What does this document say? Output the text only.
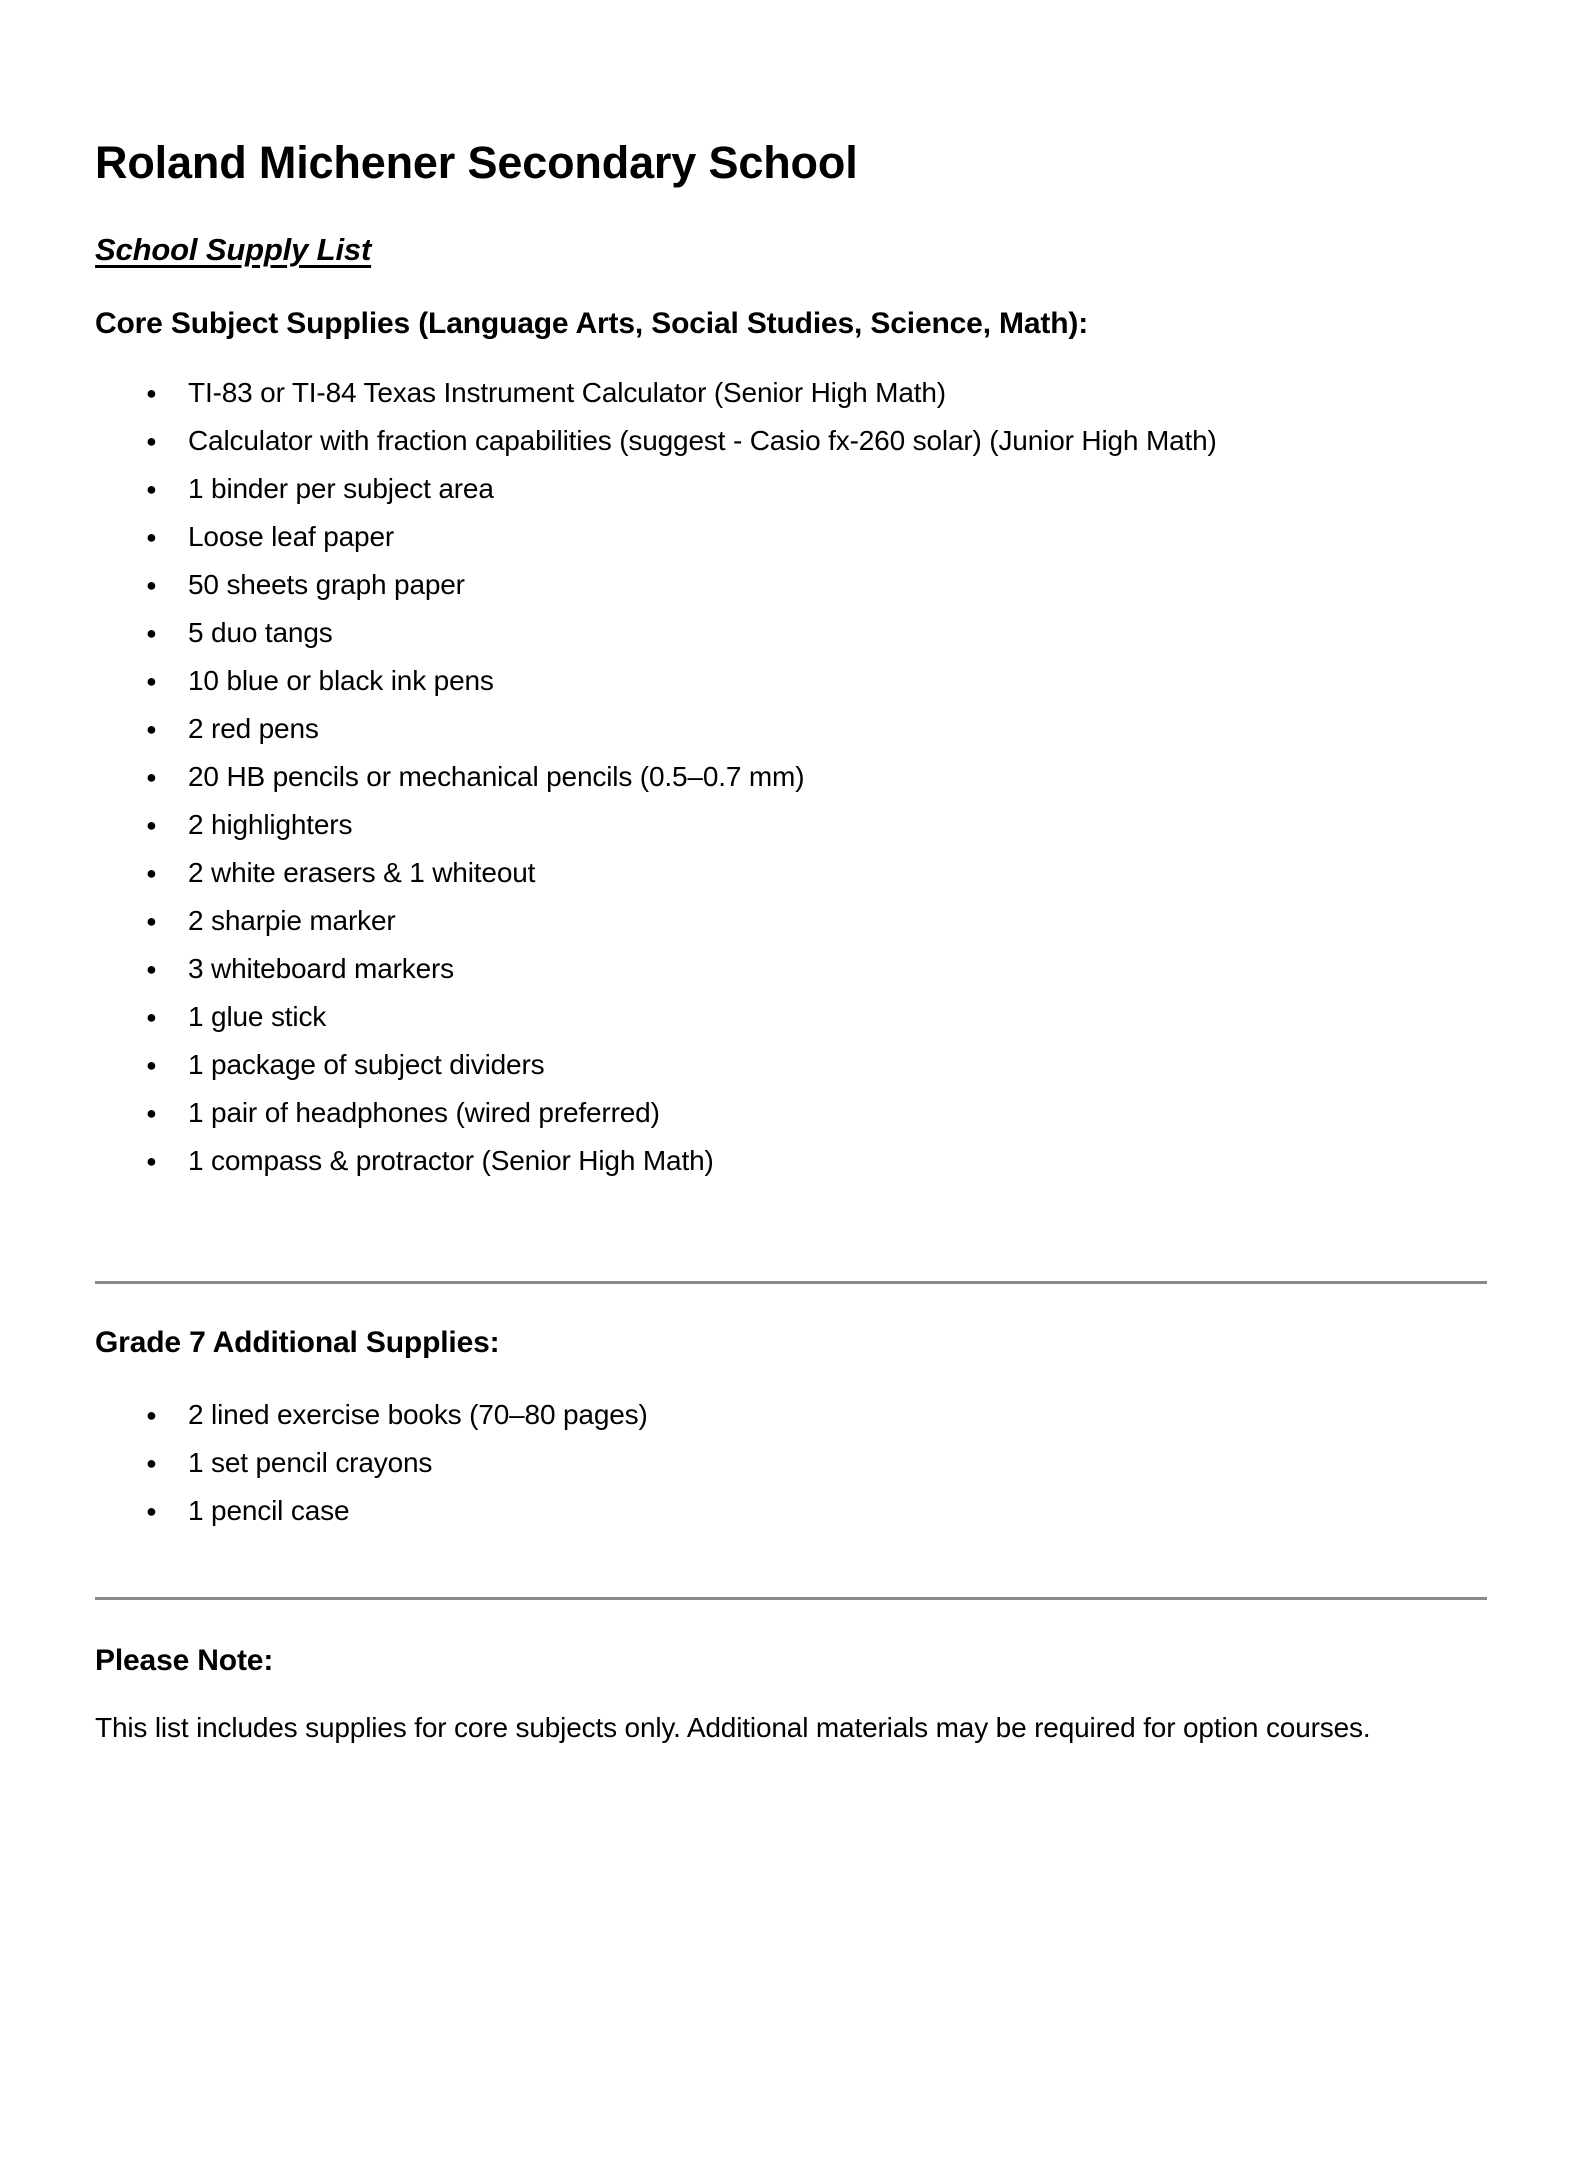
Roland Michener Secondary School
School Supply List
Core Subject Supplies (Language Arts, Social Studies, Science, Math):
● TI-83 or TI-84 Texas Instrument Calculator (Senior High Math)
● Calculator with fraction capabilities (suggest - Casio fx-260 solar) (Junior High Math)
● 1 binder per subject area
● Loose leaf paper
● 50 sheets graph paper
● 5 duo tangs
● 10 blue or black ink pens
● 2 red pens
● 20 HB pencils or mechanical pencils (0.5–0.7 mm)
● 2 highlighters
● 2 white erasers & 1 whiteout
● 2 sharpie marker
● 3 whiteboard markers
● 1 glue stick
● 1 package of subject dividers
● 1 pair of headphones (wired preferred)
● 1 compass & protractor (Senior High Math)
Grade 7 Additional Supplies:
● 2 lined exercise books (70–80 pages)
● 1 set pencil crayons
● 1 pencil case
Please Note:

This list includes supplies for core subjects only. Additional materials may be required for option courses.
